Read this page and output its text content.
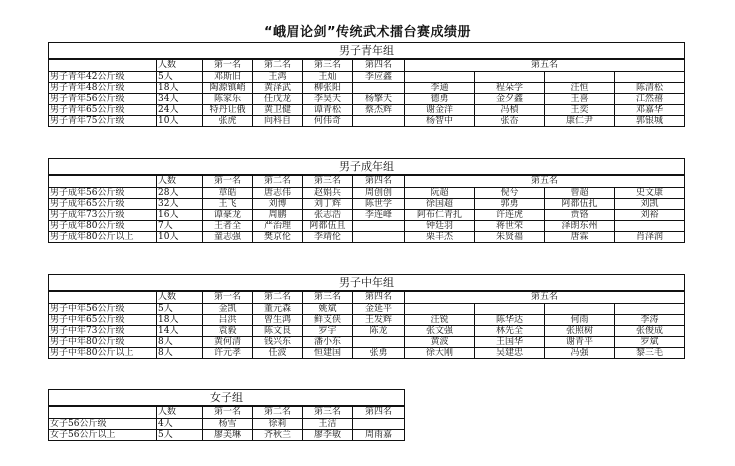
“峨眉论剑”传统武术擂台赛成绩册
男子青年组									
	人数	第一名	第二名	第三名	第四名	第五名			
男子青年42公斤级	5人	邓斯旧	王鸿	王灿	李应鑫				
男子青年48公斤级	18人	陶源镇峭	黄泽武	柳张阳		李通	程朵学	汪恒	陈清松
男子青年56公斤级	34人	陈家乐	任戊龙	李昊天	杨擎天	德勇	金夕鑫	王喜	江然禧
男子青年65公斤级	24人	特丹让俄	黄卫健	谭青松	蔡杰辉	谢金洋	冯楨	王奕	邓嘉华
男子青年75公斤级	10人	张虎	向科自	何伟奇		杨智中	张岙	康仁尹	郭银城
男子成年组									
	人数	第一名	第二名	第三名	第四名	第五名			
男子成年56公斤级	28人	章皓	唐志伟	赵娟兵	周创创	阮超	倪兮	曾超	史文康
男子成年65公斤级	32人	王飞	刘博	刘丁辉	陈世学	徐国超	郭勇	阿都伍扎	刘凯
男子成年73公斤级	16人	谭豪龙	周鹏	张志浩	李连峰	阿布仁青扎	许连虎	贾铬	刘裕
男子成年80公斤级	7人	王者全	严治理	阿都伍且		钟廷羽	蒋世荣	泽朗东州	
男子成年80公斤以上	10人	童志强	樊京伦	李靖伦		栗丰杰	朱贤福	唐霖	肖泽润
男子中年组									
	人数	第一名	第二名	第三名	第四名	第五名			
男子中年56公斤级	5人	金凯	董元森	姚斌	金延平				
男子中年65公斤级	18人	吕洪	曾生鸿	鲜支侠	王发辉	汪锐	陈华达	何雨	李涛
男子中年73公斤级	14人	袁毅	陈文良	罗宇	陈龙	张文强	林先全	张照树	张俊成
男子中年80公斤级	8人	黄何清	钱兴东	潘小东		黄波	王国华	谢青平	罗斌
男子中年80公斤以上	8人	许元孝	任波	恒建国	张勇	徐大刚	吴建忠	冯强	黎三毛
女子组					
	人数	第一名	第二名	第三名	第四名
女子56公斤级	4人	杨雪	徐莉	王洁	
女子56公斤以上	5人	廖美琳	齐秋兰	廖李敏	周雨嘉
